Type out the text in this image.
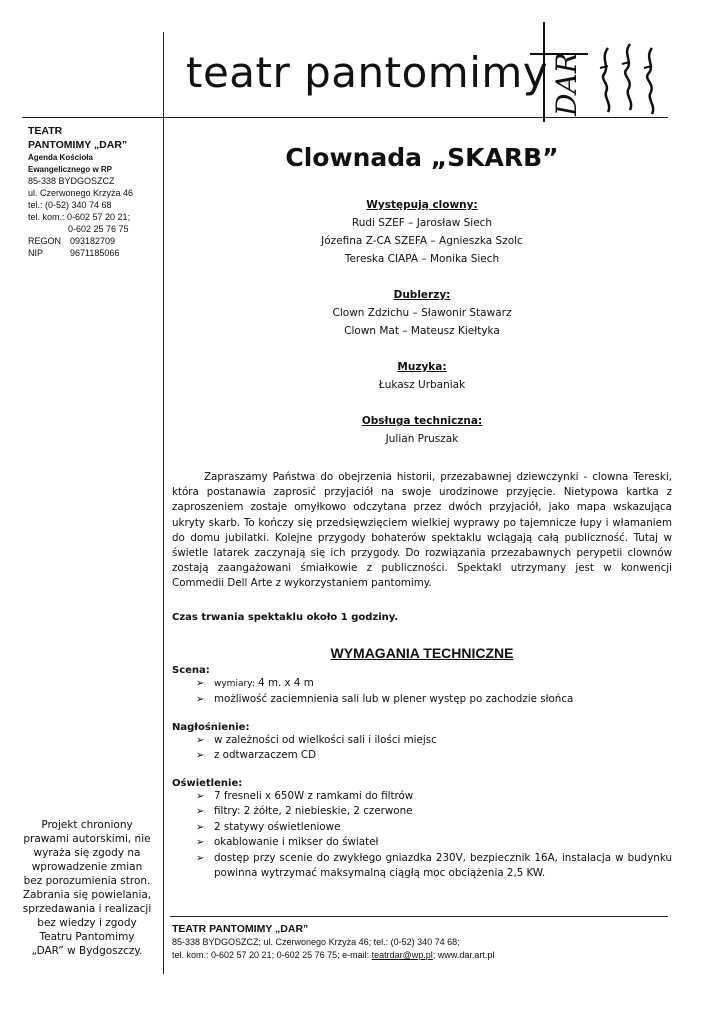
teatr pantomimy DAR
TEATR
PANTOMIMY „DAR”
Agenda Kościoła
Ewangelicznego w RP
85-338 BYDGOSZCZ
ul. Czerwonego Krzyża 46
tel.: (0-52) 340 74 68
tel. kom.: 0-602 57 20 21;
0-602 25 76 75
REGON 093182709
NIP	9671185066
Projekt chroniony prawami autorskimi, nie wyraża się zgody na wprowadzenie zmian bez porozumienia stron. Zabrania się powielania, sprzedawania i realizacji bez wiedzy i zgody Teatru Pantomimy „DAR” w Bydgoszczy.
Clownada „SKARB”
Występują clowny:
Rudi SZEF – Jarosław Siech
Józefina Z-CA SZEFA – Agnieszka Szolc
Tereska CIAPA – Monika Siech
Dublerzy:
Clown Zdzichu – Sławonir Stawarz
Clown Mat – Mateusz Kiełtyka
Muzyka:
Łukasz Urbaniak
Obsługa techniczna:
Julian Pruszak

Zapraszamy Państwa do obejrzenia historii, przezabawnej dziewczynki - clowna Tereski, która postanawia zaprosić przyjaciół na swoje urodzinowe przyjęcie. Nietypowa kartka z zaproszeniem zostaje omyłkowo odczytana przez dwóch przyjaciół, jako mapa wskazująca ukryty skarb. To kończy się przedsięwzięciem wielkiej wyprawy po tajemnicze łupy i włamaniem do domu jubilatki. Kolejne przygody bohaterów spektaklu wciągają całą publiczność. Tutaj w świetle latarek zaczynają się ich przygody. Do rozwiązania przezabawnych perypetii clownów zostają zaangażowani śmiałkowie z publiczności. Spektakl utrzymany jest w konwencji Commedii Dell Arte z wykorzystaniem pantomimy.

Czas trwania spektaklu około 1 godziny.

WYMAGANIA TECHNICZNE
Scena:
➢ wymiary: 4 m. x 4 m
➢ możliwość zaciemnienia sali lub w plener występ po zachodzie słońca
Nagłośnienie:
➢ w zależności od wielkości sali i ilości miejsc
➢ z odtwarzaczem CD
Oświetlenie:
➢ 7 fresneli x 650W z ramkami do filtrów
➢ filtry: 2 żółte, 2 niebieskie, 2 czerwone
➢ 2 statywy oświetleniowe
➢ okablowanie i mikser do świateł
➢ dostęp przy scenie do zwykłego gniazdka 230V, bezpiecznik 16A, instalacja w budynku powinna wytrzymać maksymalną ciągłą moc obciążenia 2,5 KW.
TEATR PANTOMIMY „DAR”
85-338 BYDGOSZCZ; ul. Czerwonego Krzyża 46; tel.: (0-52) 340 74 68;
tel. kom.: 0-602 57 20 21; 0-602 25 76 75; e-mail: teatrdar@wp.pl; www.dar.art.pl
